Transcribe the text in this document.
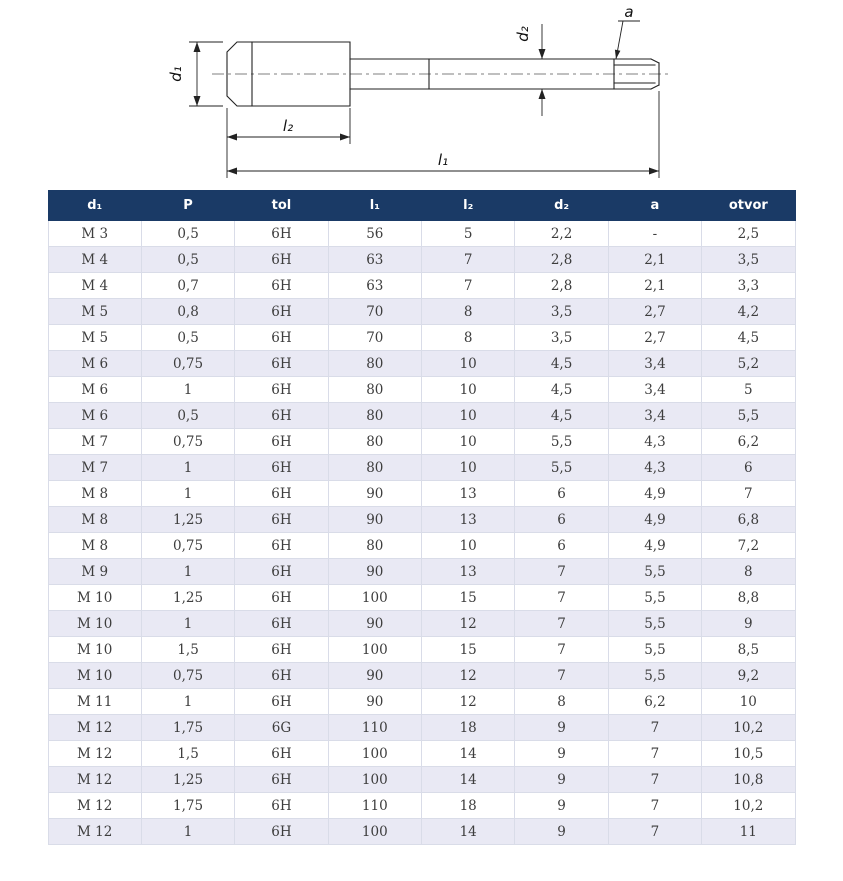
d₁
d₂
a
l₂
l₁
d₁	P	tol	l₁	l₂	d₂	a	otvor
M 3	0,5	6H	56	5	2,2	-	2,5
M 4	0,5	6H	63	7	2,8	2,1	3,5
M 4	0,7	6H	63	7	2,8	2,1	3,3
M 5	0,8	6H	70	8	3,5	2,7	4,2
M 5	0,5	6H	70	8	3,5	2,7	4,5
M 6	0,75	6H	80	10	4,5	3,4	5,2
M 6	1	6H	80	10	4,5	3,4	5
M 6	0,5	6H	80	10	4,5	3,4	5,5
M 7	0,75	6H	80	10	5,5	4,3	6,2
M 7	1	6H	80	10	5,5	4,3	6
M 8	1	6H	90	13	6	4,9	7
M 8	1,25	6H	90	13	6	4,9	6,8
M 8	0,75	6H	80	10	6	4,9	7,2
M 9	1	6H	90	13	7	5,5	8
M 10	1,25	6H	100	15	7	5,5	8,8
M 10	1	6H	90	12	7	5,5	9
M 10	1,5	6H	100	15	7	5,5	8,5
M 10	0,75	6H	90	12	7	5,5	9,2
M 11	1	6H	90	12	8	6,2	10
M 12	1,75	6G	110	18	9	7	10,2
M 12	1,5	6H	100	14	9	7	10,5
M 12	1,25	6H	100	14	9	7	10,8
M 12	1,75	6H	110	18	9	7	10,2
M 12	1	6H	100	14	9	7	11
